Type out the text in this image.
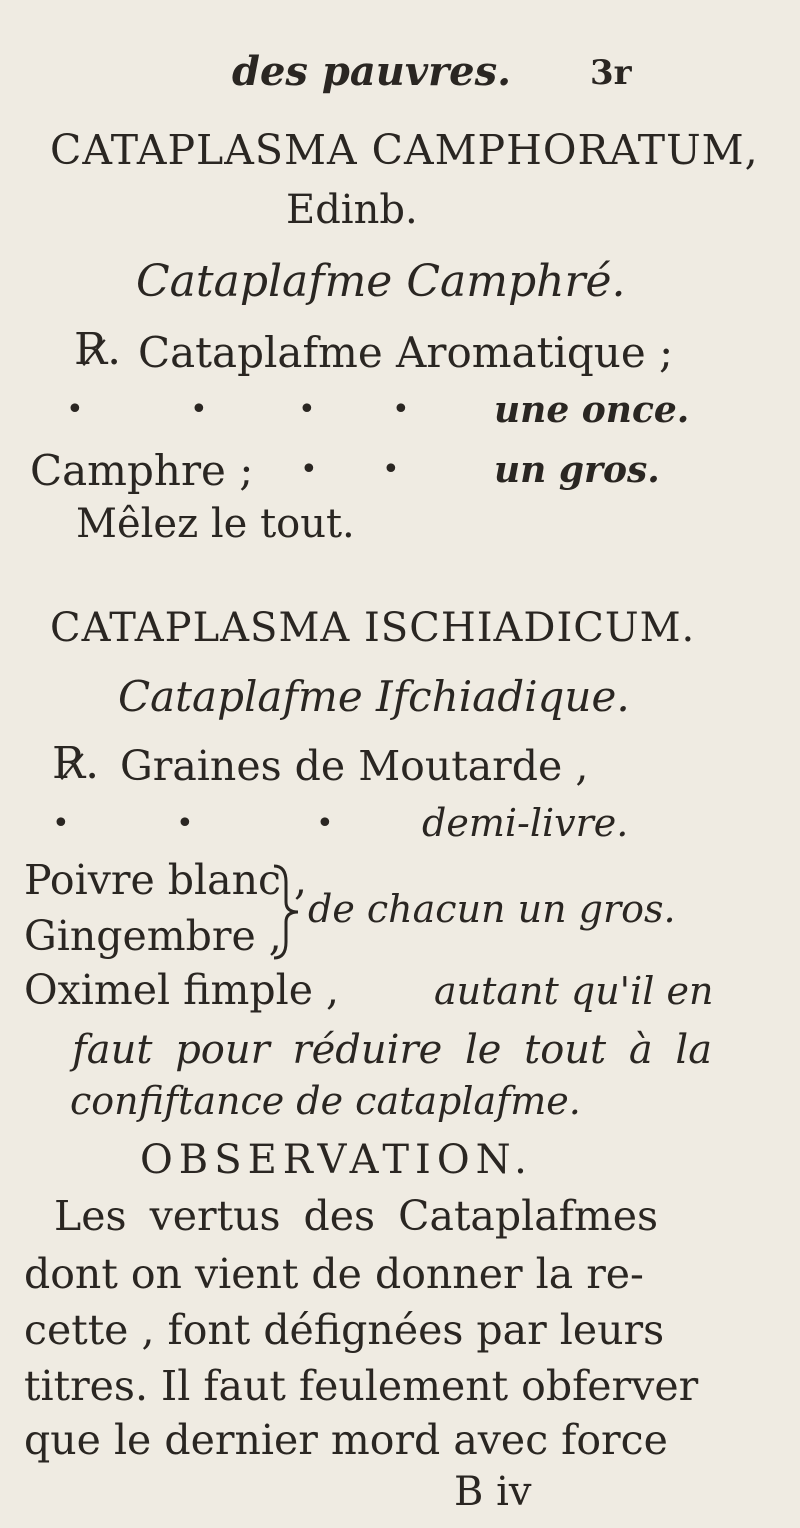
des pauvres. 3r
CATAPLASMA CAMPHORATUM,
Edinb.
Cataplafme Camphré.
R̷. Cataplafme Aromatique ;
•	•	•	• une once.
Camphre ; • •	un gros.
Mêlez le tout.
CATAPLASMA ISCHIADICUM.
Cataplafme Ifchiadique.
R̷. Graines de Moutarde ,
•	•	• demi-livre.
Poivre blanc ,
Gingembre ,
de chacun un gros.
Oximel fimple , autant qu'il en
faut pour réduire le tout à la
confiftance de cataplafme.
OBSERVATION.
Les vertus des Cataplafmes
dont on vient de donner la re-
cette , font défignées par leurs
titres. Il faut feulement obferver
que le dernier mord avec force
B iv
